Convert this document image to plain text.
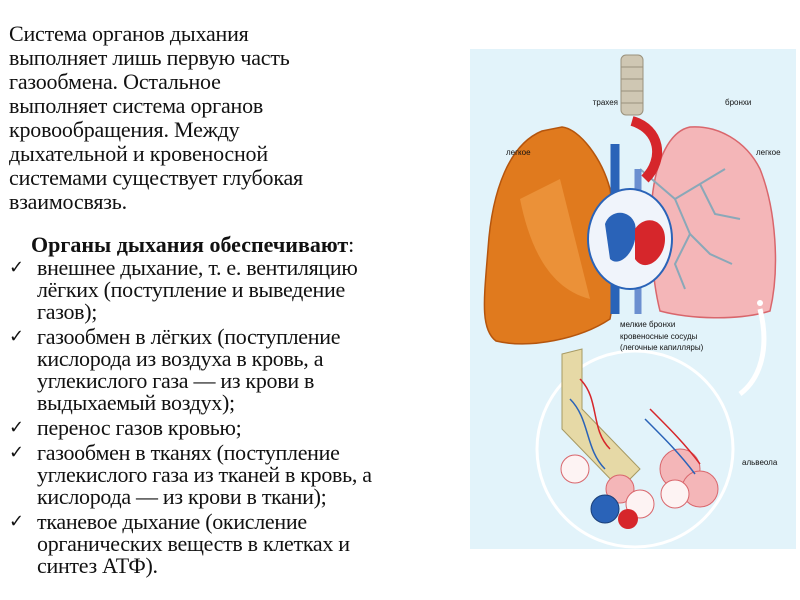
Система органов дыхания
выполняет лишь первую часть
газообмена. Остальное
выполняет система органов
кровообращения. Между
дыхательной и кровеносной
системами существует глубокая
взаимосвязь.

Органы дыхания обеспечивают:
✓ внешнее дыхание, т. е. вентиляцию
лёгких (поступление и выведение
газов);
✓ газообмен в лёгких (поступление
кислорода из воздуха в кровь, а
углекислого газа — из крови в
выдыхаемый воздух);
✓ перенос газов кровью;
✓ газообмен в тканях (поступление
углекислого газа из тканей в кровь, а
кислорода — из крови в ткани);
✓ тканевое дыхание (окисление
органических веществ в клетках и
синтез АТФ).
трахея	бронхи
легкое	легкое
мелкие бронхи
кровеносные сосуды
(легочные капилляры)
альвеола
